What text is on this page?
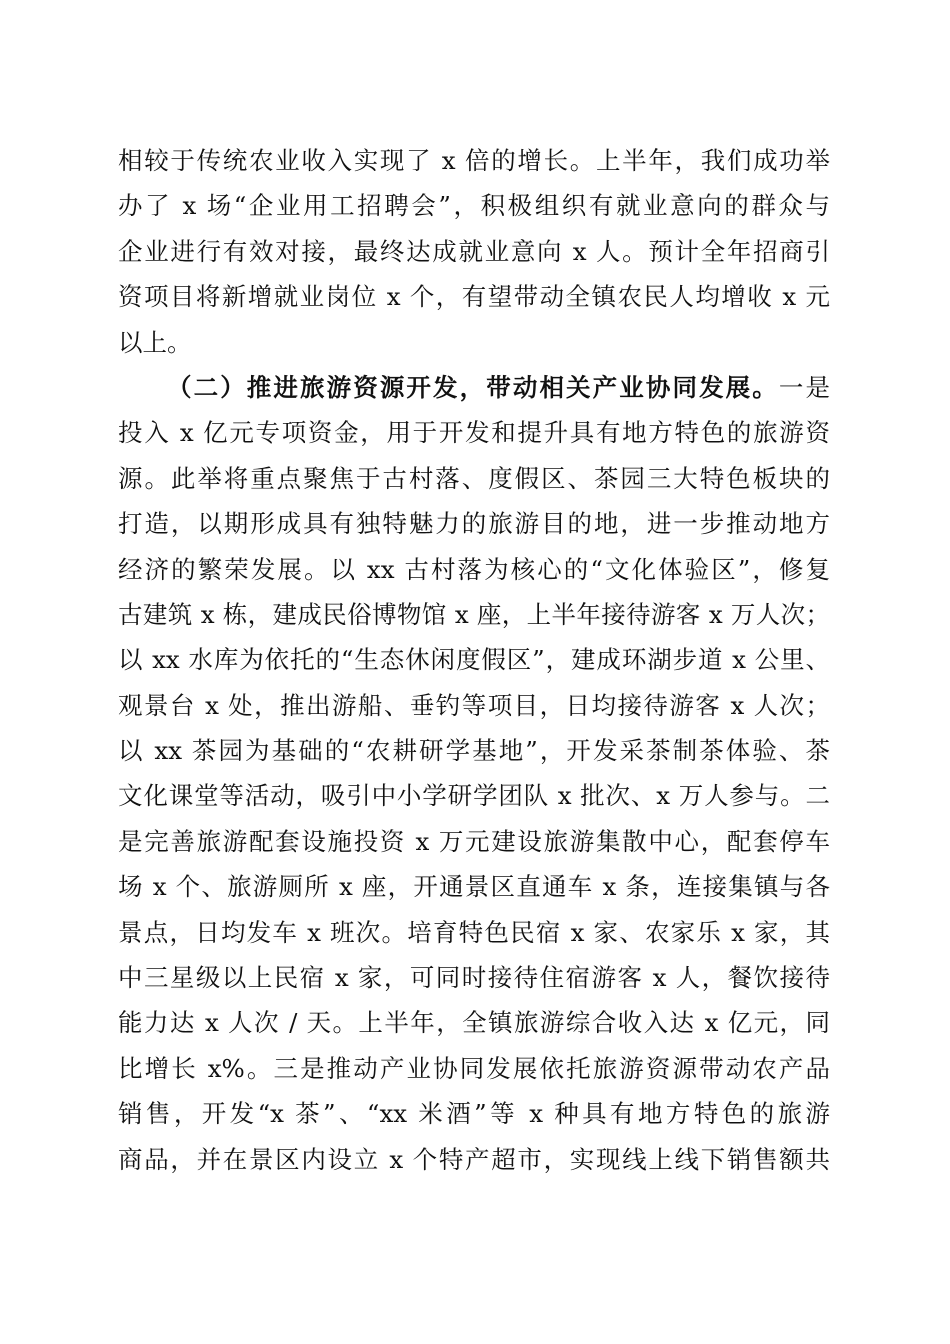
相较于传统农业收入实现了 x 倍的增长。上半年，我们成功举
办了 x 场“企业用工招聘会”，积极组织有就业意向的群众与
企业进行有效对接，最终达成就业意向 x 人。预计全年招商引
资项目将新增就业岗位 x 个，有望带动全镇农民人均增收 x 元
以上。
（二）推进旅游资源开发，带动相关产业协同发展。一是
投入 x 亿元专项资金，用于开发和提升具有地方特色的旅游资
源。此举将重点聚焦于古村落、度假区、茶园三大特色板块的
打造，以期形成具有独特魅力的旅游目的地，进一步推动地方
经济的繁荣发展。以 xx 古村落为核心的“文化体验区”，修复
古建筑 x 栋，建成民俗博物馆 x 座，上半年接待游客 x 万人次；
以 xx 水库为依托的“生态休闲度假区”，建成环湖步道 x 公里、
观景台 x 处，推出游船、垂钓等项目，日均接待游客 x 人次；
以 xx 茶园为基础的“农耕研学基地”，开发采茶制茶体验、茶
文化课堂等活动，吸引中小学研学团队 x 批次、x 万人参与。二
是完善旅游配套设施投资 x 万元建设旅游集散中心，配套停车
场 x 个、旅游厕所 x 座，开通景区直通车 x 条，连接集镇与各
景点，日均发车 x 班次。培育特色民宿 x 家、农家乐 x 家，其
中三星级以上民宿 x 家，可同时接待住宿游客 x 人，餐饮接待
能力达 x 人次 / 天。上半年，全镇旅游综合收入达 x 亿元，同
比增长 x%。三是推动产业协同发展依托旅游资源带动农产品
销售，开发“x 茶”、“xx 米酒”等 x 种具有地方特色的旅游
商品，并在景区内设立 x 个特产超市，实现线上线下销售额共
